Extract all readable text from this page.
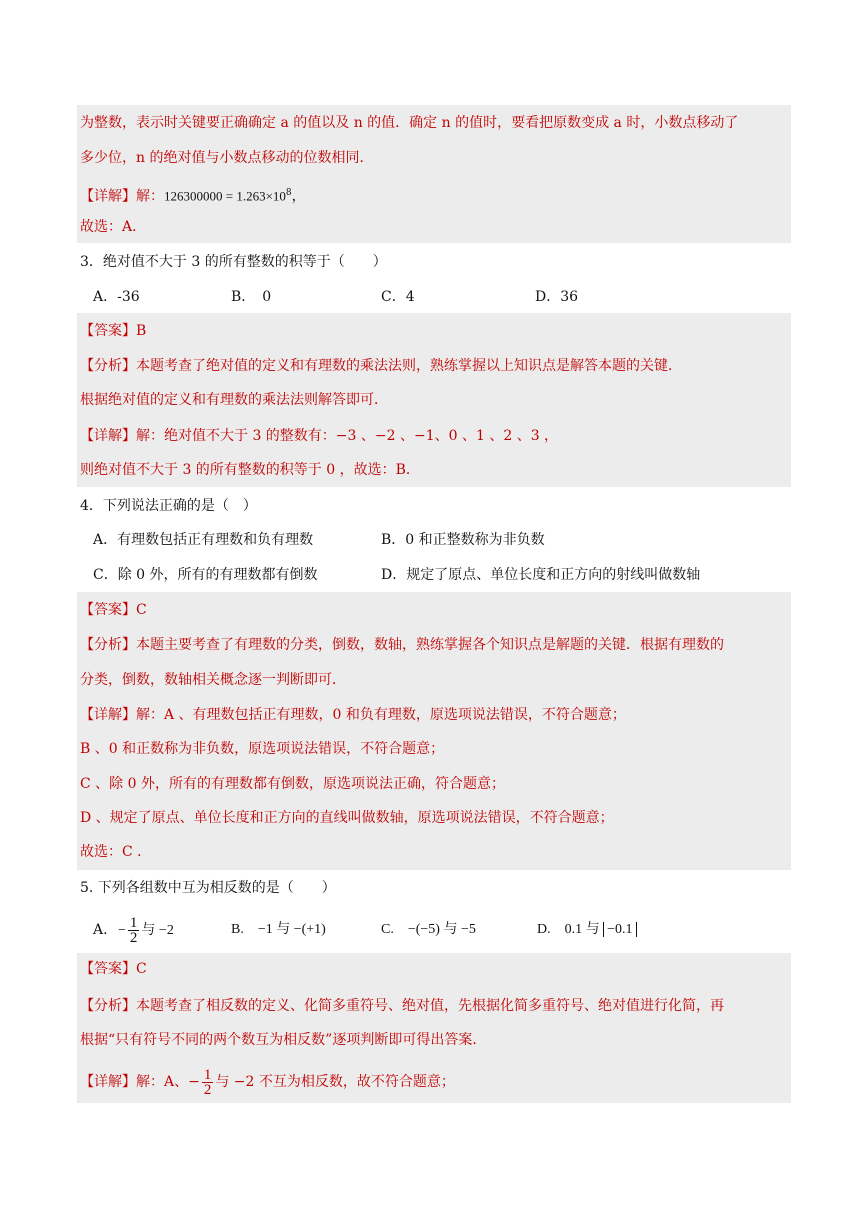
为整数，表示时关键要正确确定 a 的值以及 n 的值．确定 n 的值时，要看把原数变成 a 时，小数点移动了
多少位，n 的绝对值与小数点移动的位数相同．
【详解】解：$126300000 = 1.263\times 10^8$，
故选：A．
3．绝对值不大于 3 的所有整数的积等于（　　）
A．-36	B．　0	C．4	D．36
【答案】B
【分析】本题考查了绝对值的定义和有理数的乘法法则，熟练掌握以上知识点是解答本题的关键．
根据绝对值的定义和有理数的乘法法则解答即可．
【详解】解：绝对值不大于 3 的整数有：−3 、−2 、−1、0 、1 、2 、3 ，
则绝对值不大于 3 的所有整数的积等于 0 ，故选：B．
4．下列说法正确的是（　）
A．有理数包括正有理数和负有理数	B．0 和正整数称为非负数
C．除 0 外，所有的有理数都有倒数	D．规定了原点、单位长度和正方向的射线叫做数轴
【答案】C
【分析】本题主要考查了有理数的分类，倒数，数轴，熟练掌握各个知识点是解题的关键．根据有理数的
分类，倒数，数轴相关概念逐一判断即可．
【详解】解：A 、有理数包括正有理数，0 和负有理数，原选项说法错误，不符合题意；
B 、0 和正数称为非负数，原选项说法错误，不符合题意；
C 、除 0 外，所有的有理数都有倒数，原选项说法正确，符合题意；
D 、规定了原点、单位长度和正方向的直线叫做数轴，原选项说法错误，不符合题意；
故选：C ．
5. 下列各组数中互为相反数的是（　　）
A. − $\frac{1}{2}$ 与 −2	B.　−1 与 −(+1)	C.　−(−5) 与 −5	D.　0.1 与 −0.1
【答案】C
【分析】本题考查了相反数的定义、化简多重符号、绝对值，先根据化简多重符号、绝对值进行化简，再
根据“只有符号不同的两个数互为相反数”逐项判断即可得出答案．
【详解】解：A、− $\frac{1}{2}$ 与 −2 不互为相反数，故不符合题意；
